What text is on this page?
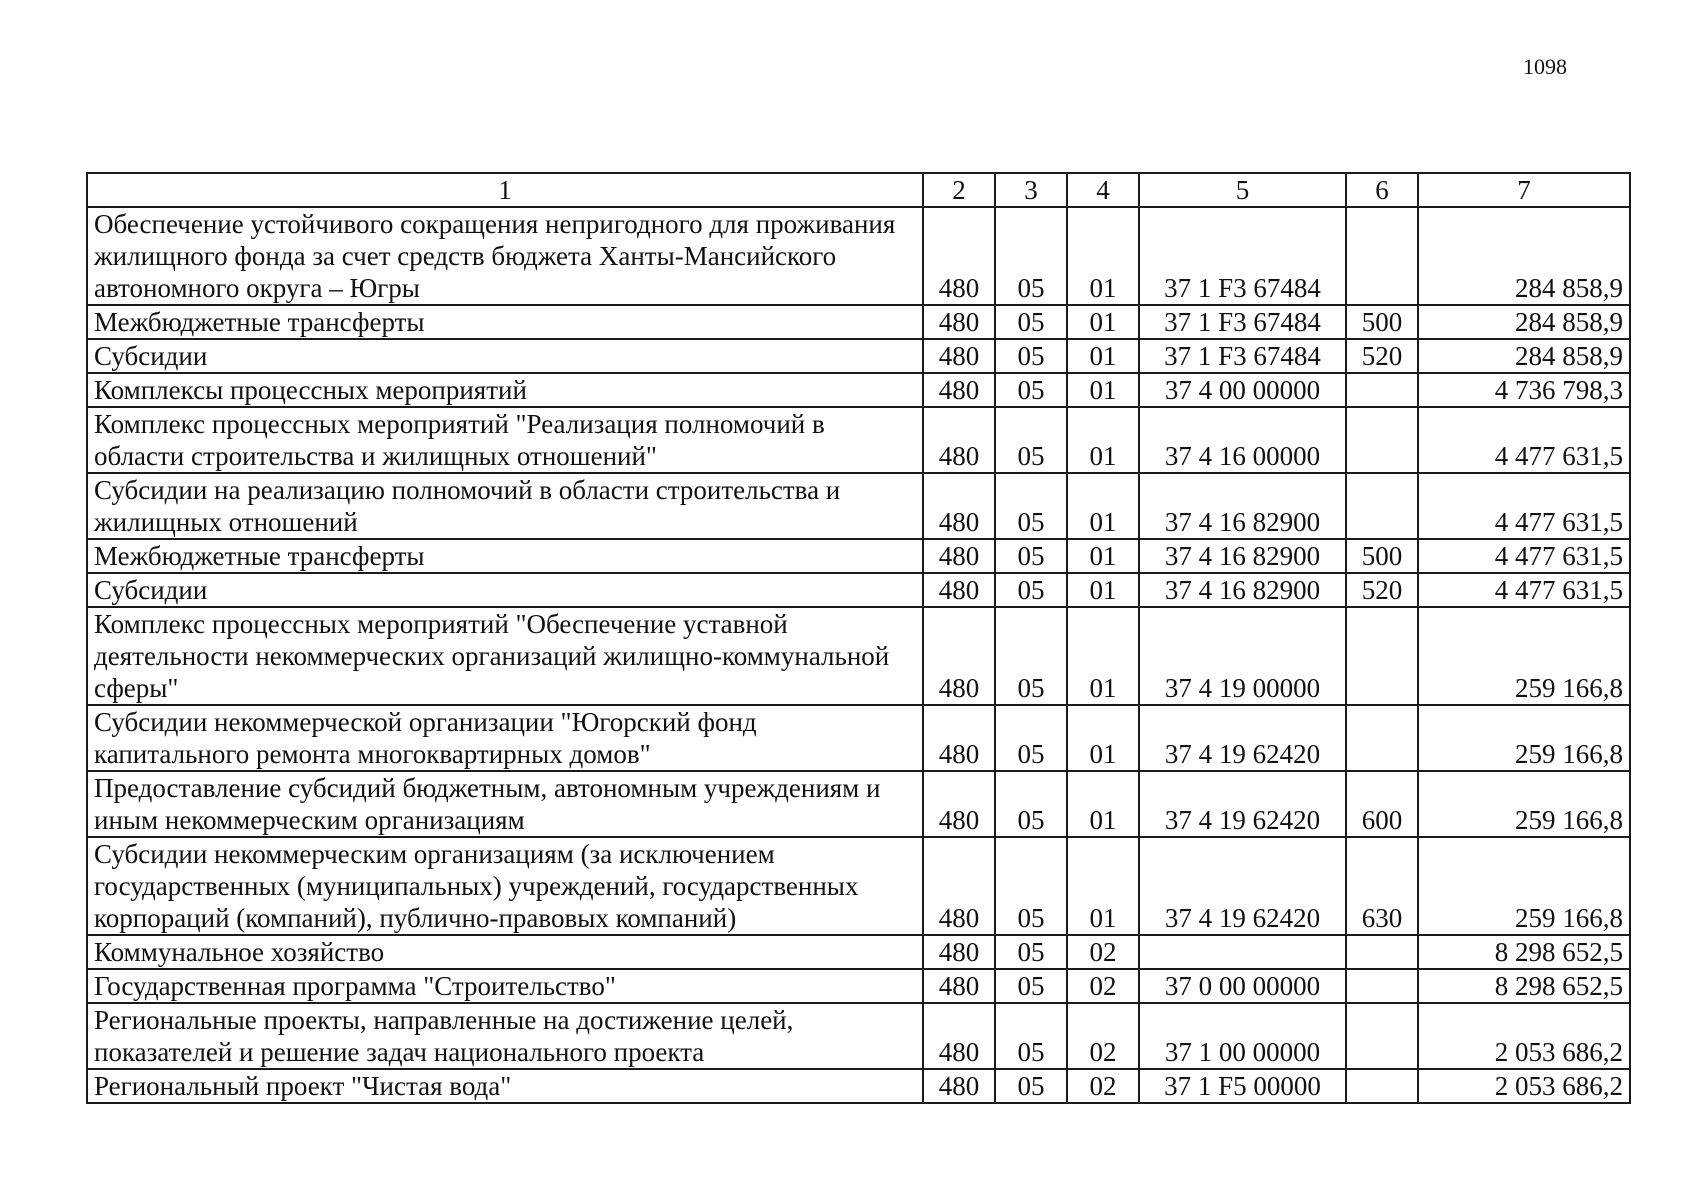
1098
1	2	3	4	5	6	7
Обеспечение устойчивого сокращения непригодного для проживания жилищного фонда за счет средств бюджета Ханты-Мансийского автономного округа – Югры	480	05	01	37 1 F3 67484		284 858,9
Межбюджетные трансферты	480	05	01	37 1 F3 67484	500	284 858,9
Субсидии	480	05	01	37 1 F3 67484	520	284 858,9
Комплексы процессных мероприятий	480	05	01	37 4 00 00000		4 736 798,3
Комплекс процессных мероприятий "Реализация полномочий в области строительства и жилищных отношений"	480	05	01	37 4 16 00000		4 477 631,5
Субсидии на реализацию полномочий в области строительства и жилищных отношений	480	05	01	37 4 16 82900		4 477 631,5
Межбюджетные трансферты	480	05	01	37 4 16 82900	500	4 477 631,5
Субсидии	480	05	01	37 4 16 82900	520	4 477 631,5
Комплекс процессных мероприятий "Обеспечение уставной деятельности некоммерческих организаций жилищно-коммунальной сферы"	480	05	01	37 4 19 00000		259 166,8
Субсидии некоммерческой организации "Югорский фонд капитального ремонта многоквартирных домов"	480	05	01	37 4 19 62420		259 166,8
Предоставление субсидий бюджетным, автономным учреждениям и иным некоммерческим организациям	480	05	01	37 4 19 62420	600	259 166,8
Субсидии некоммерческим организациям (за исключением государственных (муниципальных) учреждений, государственных корпораций (компаний), публично-правовых компаний)	480	05	01	37 4 19 62420	630	259 166,8
Коммунальное хозяйство	480	05	02			8 298 652,5
Государственная программа "Строительство"	480	05	02	37 0 00 00000		8 298 652,5
Региональные проекты, направленные на достижение целей, показателей и решение задач национального проекта	480	05	02	37 1 00 00000		2 053 686,2
Региональный проект "Чистая вода"	480	05	02	37 1 F5 00000		2 053 686,2
